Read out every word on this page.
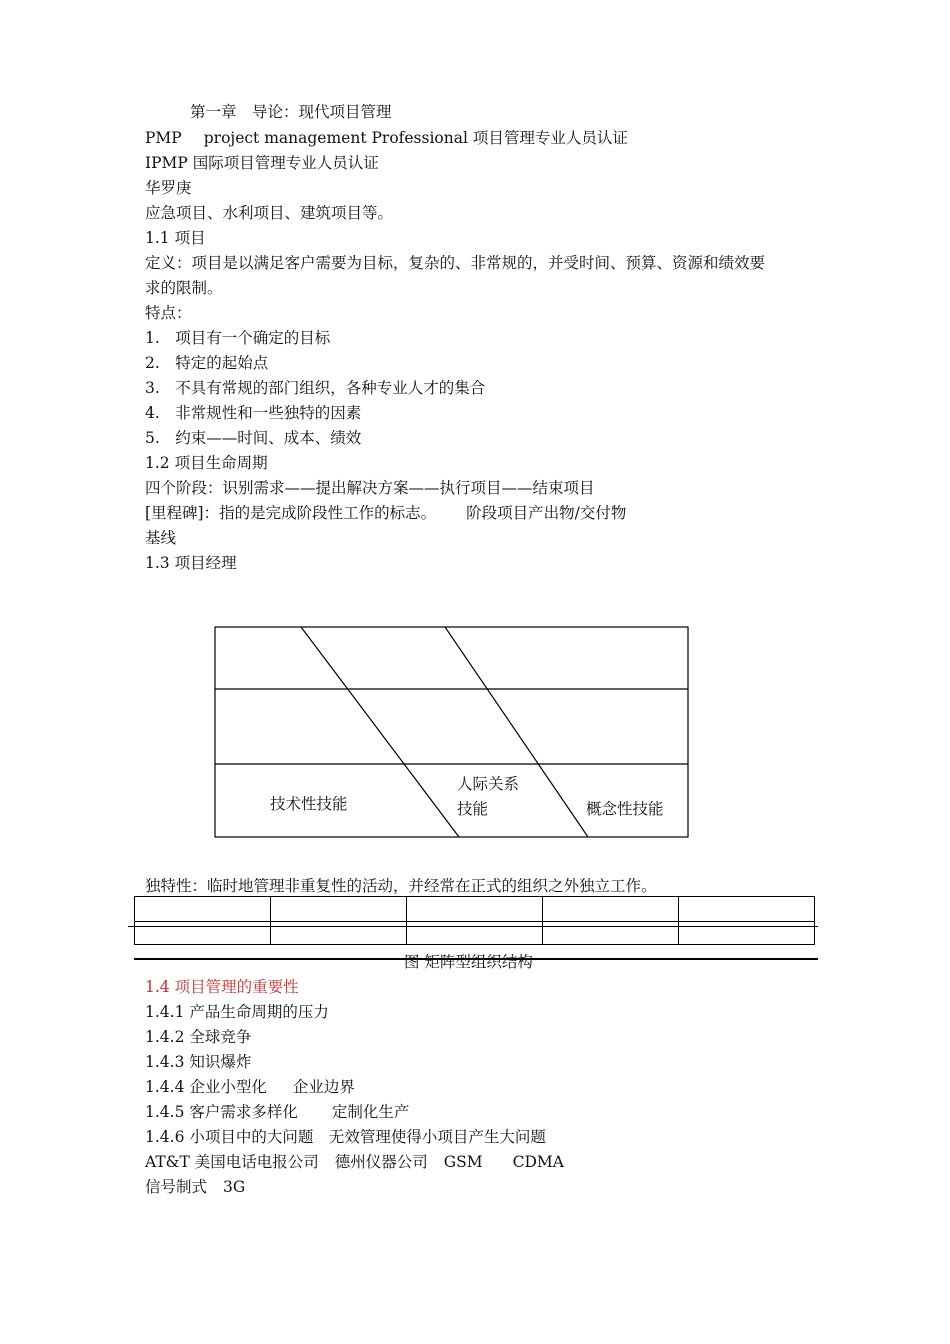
第一章　导论：现代项目管理
PMP project management Professional 项目管理专业人员认证
IPMP 国际项目管理专业人员认证
华罗庚
应急项目、水利项目、建筑项目等。
1.1 项目
定义：项目是以满足客户需要为目标，复杂的、非常规的，并受时间、预算、资源和绩效要
求的限制。
特点：
1.　项目有一个确定的目标
2.　特定的起始点
3.　不具有常规的部门组织，各种专业人才的集合
4.　非常规性和一些独特的因素
5.　约束——时间、成本、绩效
1.2 项目生命周期
四个阶段：识别需求——提出解决方案——执行项目——结束项目
[里程碑]：指的是完成阶段性工作的标志。 阶段项目产出物/交付物
基线
1.3 项目经理
技术性技能
人际关系
技能	概念性技能
独特性：临时地管理非重复性的活动，并经常在正式的组织之外独立工作。

图 矩阵型组织结构
1.4 项目管理的重要性
1.4.1 产品生命周期的压力
1.4.2 全球竞争
1.4.3 知识爆炸
1.4.4 企业小型化 企业边界
1.4.5 客户需求多样化 定制化生产
1.4.6 小项目中的大问题　无效管理使得小项目产生大问题
AT&T 美国电话电报公司 德州仪器公司 GSM CDMA
信号制式 3G
